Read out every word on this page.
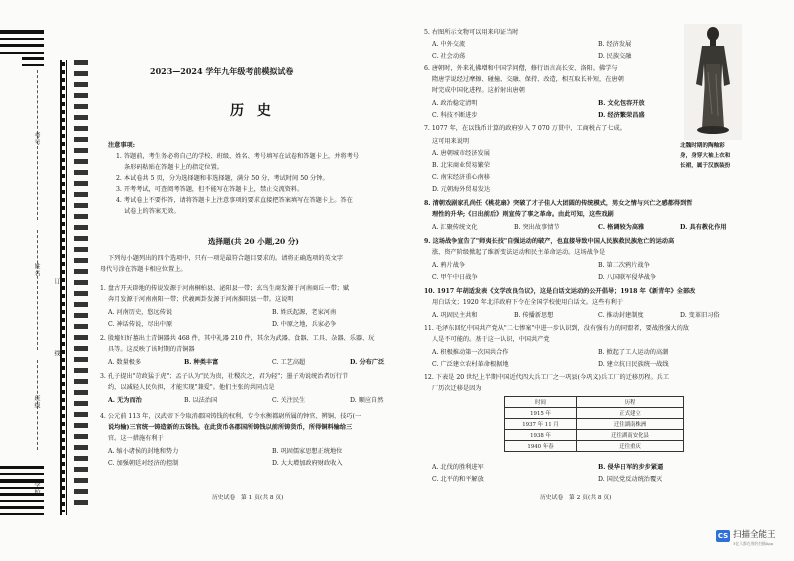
考号
姓名
班级
学校
订
线
2023—2024 学年九年级考前模拟试卷
历 史
注意事项:
1. 答题前，考生务必将自己的学校、班级、姓名、考号填写在试卷和答题卡上，并将考号
条形码粘贴在答题卡上的指定位置。
2. 本试卷共 5 页，分为选择题和非选择题，满分 50 分，考试时间 50 分钟。
3. 开考考试，可查阅考答题，但不能写在答题卡上，禁止交流资料。
4. 考试卷上不要作答，请将答题卡上注意事项的要求直接把答案填写在答题卡上。答在
试卷上的答案无效。
选择题(共 20 小题,20 分)
下列每小题列出的四个选项中，只有一项是最符合题目要求的。请将正确选项的英文字
母代号涂在答题卡相应位置上。
1. 盘古开天辟地的传说发源于河南桐柏县、泌阳县一带；玄鸟生商发源于河南商丘一带；赋
奔月发源于河南南阳一带；伏羲画卦发源于河南淮阳县一带。这说明
A. 河南历史，悠远传说	B. 姓氏起源，老家河南
C. 神话传说，尽出中原	D. 中原之地，兵家必争
2. 殷墟妇好墓出土青铜器共 468 件，其中礼器 210 件，其余为武器、食器、工具、杂器、乐器、玩
具等。这反映了该时期的青铜器
A. 数量极多	B. 种类丰富	C. 工艺高超	D. 分布广泛
3. 孔子提出"苛政猛于虎"；孟子认为"民为贵，社稷次之，君为轻"；墨子劝说统治者厉行节
约，以减轻人民负担，才能实现"兼爱"。他们主张的共同点是
A. 无为而治	B. 以法治国	C. 关注民生	D. 顺应自然
4. 公元前 113 年，汉武帝下令取消郡国铸钱的权利，专令水衡都尉所属的钟官、辨铜、技巧(一
说均输)三官统一铸造新的五铢钱。在此货币各郡国所铸钱以前所铸货币，所得铜料输给三
官。这一措施有利于
A. 缩小诸侯的封地和势力	B. 巩固儒家思想正统地位
C. 加强朝廷对经济的控制	D. 大大增加政府财政收入
历史试卷　第 1 页(共 8 页)
5. 右图所示文物可以用来印证当时
A. 中外交流	B. 经济发展
C. 社会动荡	D. 民族交融
北魏时期的陶釉彩
身，身穿大袖上衣和
长裙，属于汉族装扮
6. 唐朝时，外来礼佛增和中国学问僧，修行语言高长安、洛阳。佛学与
隋唐学说经过摩擦、碰撞、交融、保持、改造，相互取长补短，在唐朝
时完成中国化进程。这折射出唐朝
A. 政治稳定清明	B. 文化包容开放
C. 科技不断进步	D. 经济繁荣昌盛
7. 1077 年，在以钱币计算的政府岁入 7 070 万贯中，工商税占了七成。
这可用来说明
A. 唐朝城市经济发展
B. 北宋商业贸易繁荣
C. 南宋经济重心南移
D. 元朝海外贸易发达
8. 清朝戏剧家孔尚任《桃花扇》突破了才子佳人大团圆的传统模式，男女之情与兴亡之感都得到哲
理性的升华;《日出前后》则宣传了事之革命。由此可知，这些戏剧
A. 汇聚传统文化	B. 突出故事情节	C. 格调较为高雅	D. 具有教化作用
9. 这场战争宣告了"师夷长技"自强运动的破产，也直接导致中国人民族救民族危亡的运动高
涨，资产阶级掀起了维新变法运动和民主革命运动。这场战争是
A. 鸦片战争	B. 第二次鸦片战争
C. 甲午中日战争	D. 八国联军侵华战争
10. 1917 年胡适发表《文学改良刍议》，这是白话文运动的公开倡导；1918 年《新青年》全部改
用白话文；1920 年北洋政府下令在全国学校使用白话文。这些有利于
A. 巩固民主共和	B. 传播新思想	C. 推动封建制度	D. 变革旧习俗
11. 毛泽东回忆中国共产党从"二七惨案"中进一步认识到，没有强有力的同盟者，要战胜强大的敌
人是不可能的。基于这一认识，中国共产党
A. 积极推动第一次国共合作	B. 掀起了工人运动的高潮
C. 广泛建立农村革命根据地	D. 建立抗日民族统一战线
12. 下表是 20 世纪上半期中国近代四大兵工厂之一巩县(今巩义)兵工厂的迁移历程。兵工
厂历次迁移是因为
时间	历程
1915 年	正式建立
1937 年 11 月	迁往湖南株洲
1938 年	迁往湖南安化县
1940 年春	迁往重庆
A. 北伐的胜利进军	B. 侵华日军的步步紧逼
C. 北平的和平解放	D. 国民党反动统治覆灭
历史试卷　第 2 页(共 8 页)
CS 扫描全能王
3亿人都在用的扫描App
